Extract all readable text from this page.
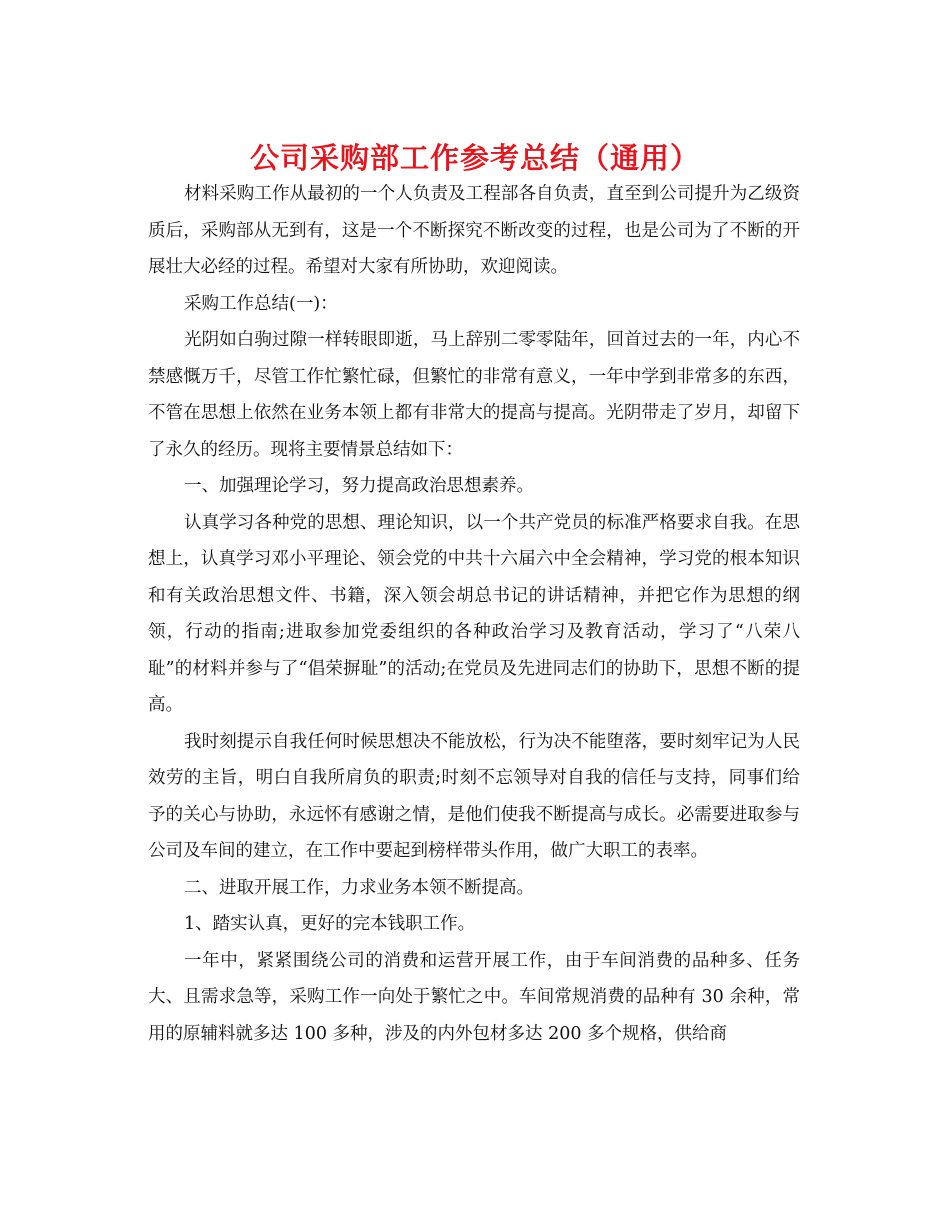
公司采购部工作参考总结（通用）

材料采购工作从最初的一个人负责及工程部各自负责，直至到公司提升为乙级资质后，采购部从无到有，这是一个不断探究不断改变的过程，也是公司为了不断的开展壮大必经的过程。希望对大家有所协助，欢迎阅读。

采购工作总结(一)：

光阴如白驹过隙一样转眼即逝，马上辞别二零零陆年，回首过去的一年，内心不禁感慨万千，尽管工作忙繁忙碌，但繁忙的非常有意义，一年中学到非常多的东西，不管在思想上依然在业务本领上都有非常大的提高与提高。光阴带走了岁月，却留下了永久的经历。现将主要情景总结如下：

一、加强理论学习，努力提高政治思想素养。

认真学习各种党的思想、理论知识，以一个共产党员的标准严格要求自我。在思想上，认真学习邓小平理论、领会党的中共十六届六中全会精神，学习党的根本知识和有关政治思想文件、书籍，深入领会胡总书记的讲话精神，并把它作为思想的纲领，行动的指南;进取参加党委组织的各种政治学习及教育活动，学习了“八荣八耻”的材料并参与了“倡荣摒耻”的活动;在党员及先进同志们的协助下，思想不断的提高。

我时刻提示自我任何时候思想决不能放松，行为决不能堕落，要时刻牢记为人民效劳的主旨，明白自我所肩负的职责;时刻不忘领导对自我的信任与支持，同事们给予的关心与协助，永远怀有感谢之情，是他们使我不断提高与成长。必需要进取参与公司及车间的建立，在工作中要起到榜样带头作用，做广大职工的表率。

二、进取开展工作，力求业务本领不断提高。

1、踏实认真，更好的完本钱职工作。

一年中，紧紧围绕公司的消费和运营开展工作，由于车间消费的品种多、任务大、且需求急等，采购工作一向处于繁忙之中。车间常规消费的品种有 30 余种，常用的原辅料就多达 100 多种，涉及的内外包材多达 200 多个规格，供给商
